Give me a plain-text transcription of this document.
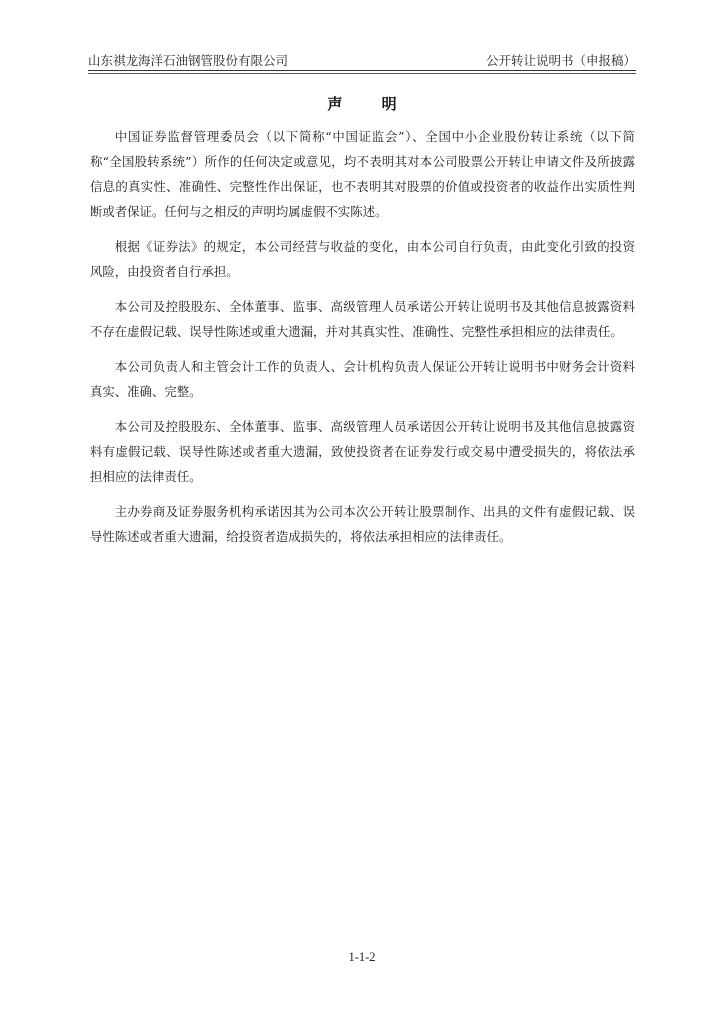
山东祺龙海洋石油钢管股份有限公司	公开转让说明书（申报稿）
声 明

中国证券监督管理委员会（以下简称“中国证监会”）、全国中小企业股份转让系统（以下简称“全国股转系统”）所作的任何决定或意见，均不表明其对本公司股票公开转让申请文件及所披露信息的真实性、准确性、完整性作出保证，也不表明其对股票的价值或投资者的收益作出实质性判断或者保证。任何与之相反的声明均属虚假不实陈述。

根据《证券法》的规定，本公司经营与收益的变化，由本公司自行负责，由此变化引致的投资风险，由投资者自行承担。

本公司及控股股东、全体董事、监事、高级管理人员承诺公开转让说明书及其他信息披露资料不存在虚假记载、误导性陈述或重大遗漏，并对其真实性、准确性、完整性承担相应的法律责任。

本公司负责人和主管会计工作的负责人、会计机构负责人保证公开转让说明书中财务会计资料真实、准确、完整。

本公司及控股股东、全体董事、监事、高级管理人员承诺因公开转让说明书及其他信息披露资料有虚假记载、误导性陈述或者重大遗漏，致使投资者在证券发行或交易中遭受损失的，将依法承担相应的法律责任。

主办券商及证券服务机构承诺因其为公司本次公开转让股票制作、出具的文件有虚假记载、误导性陈述或者重大遗漏，给投资者造成损失的，将依法承担相应的法律责任。

1-1-2
